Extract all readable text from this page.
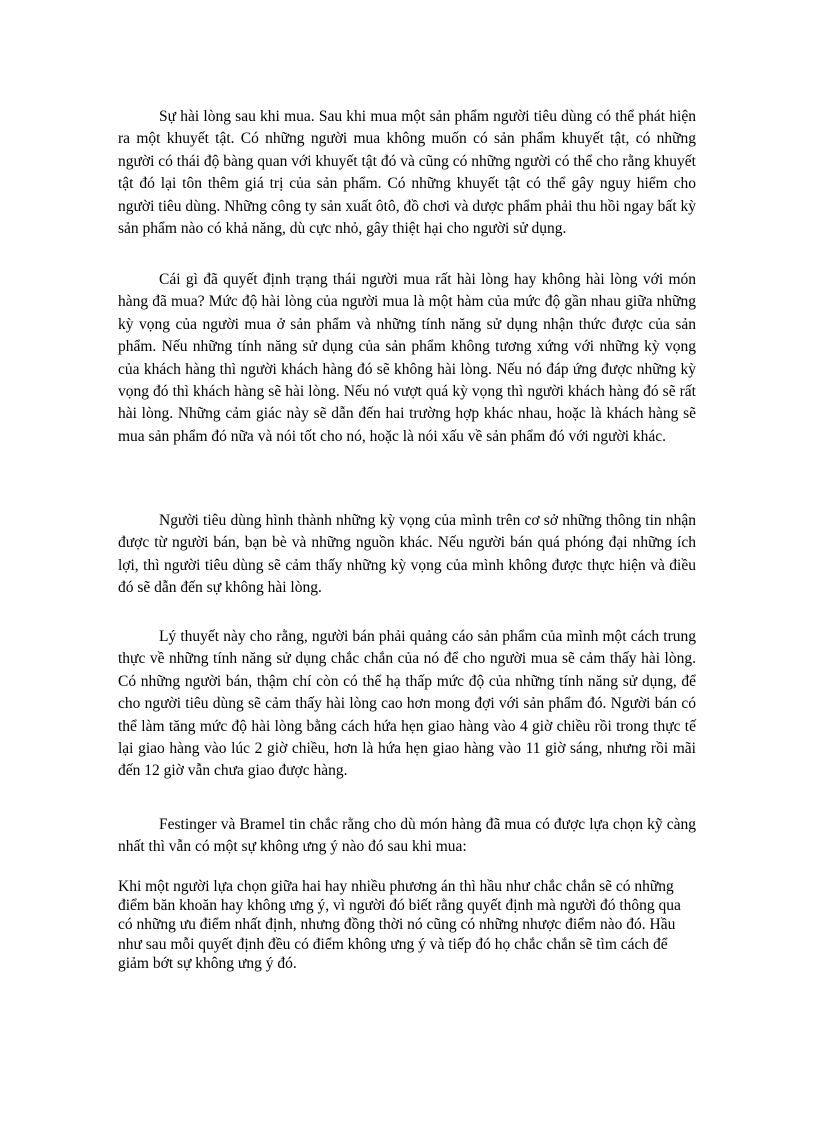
Sự hài lòng sau khi mua. Sau khi mua một sản phẩm người tiêu dùng có thể phát hiện ra một khuyết tật. Có những người mua không muốn có sản phẩm khuyết tật, có những người có thái độ bàng quan với khuyết tật đó và cũng có những người có thể cho rằng khuyết tật đó lại tôn thêm giá trị của sản phẩm. Có những khuyết tật có thể gây nguy hiểm cho người tiêu dùng. Những công ty sản xuất ôtô, đồ chơi và dược phẩm phải thu hồi ngay bất kỳ sản phẩm nào có khả năng, dù cực nhỏ, gây thiệt hại cho người sử dụng.

Cái gì đã quyết định trạng thái người mua rất hài lòng hay không hài lòng với món hàng đã mua? Mức độ hài lòng của người mua là một hàm của mức độ gần nhau giữa những kỳ vọng của người mua ở sản phẩm và những tính năng sử dụng nhận thức được của sản phẩm. Nếu những tính năng sử dụng của sản phẩm không tương xứng với những kỳ vọng của khách hàng thì người khách hàng đó sẽ không hài lòng. Nếu nó đáp ứng được những kỳ vọng đó thì khách hàng sẽ hài lòng. Nếu nó vượt quá kỳ vọng thì người khách hàng đó sẽ rất hài lòng. Những cảm giác này sẽ dẫn đến hai trường hợp khác nhau, hoặc là khách hàng sẽ mua sản phẩm đó nữa và nói tốt cho nó, hoặc là nói xấu về sản phẩm đó với người khác.

Người tiêu dùng hình thành những kỳ vọng của mình trên cơ sở những thông tin nhận được từ người bán, bạn bè và những nguồn khác. Nếu người bán quá phóng đại những ích lợi, thì người tiêu dùng sẽ cảm thấy những kỳ vọng của mình không được thực hiện và điều đó sẽ dẫn đến sự không hài lòng.

Lý thuyết này cho rằng, người bán phải quảng cáo sản phẩm của mình một cách trung thực về những tính năng sử dụng chắc chắn của nó để cho người mua sẽ cảm thấy hài lòng. Có những người bán, thậm chí còn có thể hạ thấp mức độ của những tính năng sử dụng, để cho người tiêu dùng sẽ cảm thấy hài lòng cao hơn mong đợi với sản phẩm đó. Người bán có thể làm tăng mức độ hài lòng bằng cách hứa hẹn giao hàng vào 4 giờ chiều rồi trong thực tế lại giao hàng vào lúc 2 giờ chiều, hơn là hứa hẹn giao hàng vào 11 giờ sáng, nhưng rồi mãi đến 12 giờ vẫn chưa giao được hàng.

Festinger và Bramel tin chắc rằng cho dù món hàng đã mua có được lựa chọn kỹ càng nhất thì vẫn có một sự không ưng ý nào đó sau khi mua:

Khi một người lựa chọn giữa hai hay nhiều phương án thì hầu như chắc chắn sẽ có những điểm băn khoăn hay không ưng ý, vì người đó biết rằng quyết định mà người đó thông qua có những ưu điểm nhất định, nhưng đồng thời nó cũng có những nhược điểm nào đó. Hầu như sau mỗi quyết định đều có điểm không ưng ý và tiếp đó họ chắc chắn sẽ tìm cách để giảm bớt sự không ưng ý đó.
